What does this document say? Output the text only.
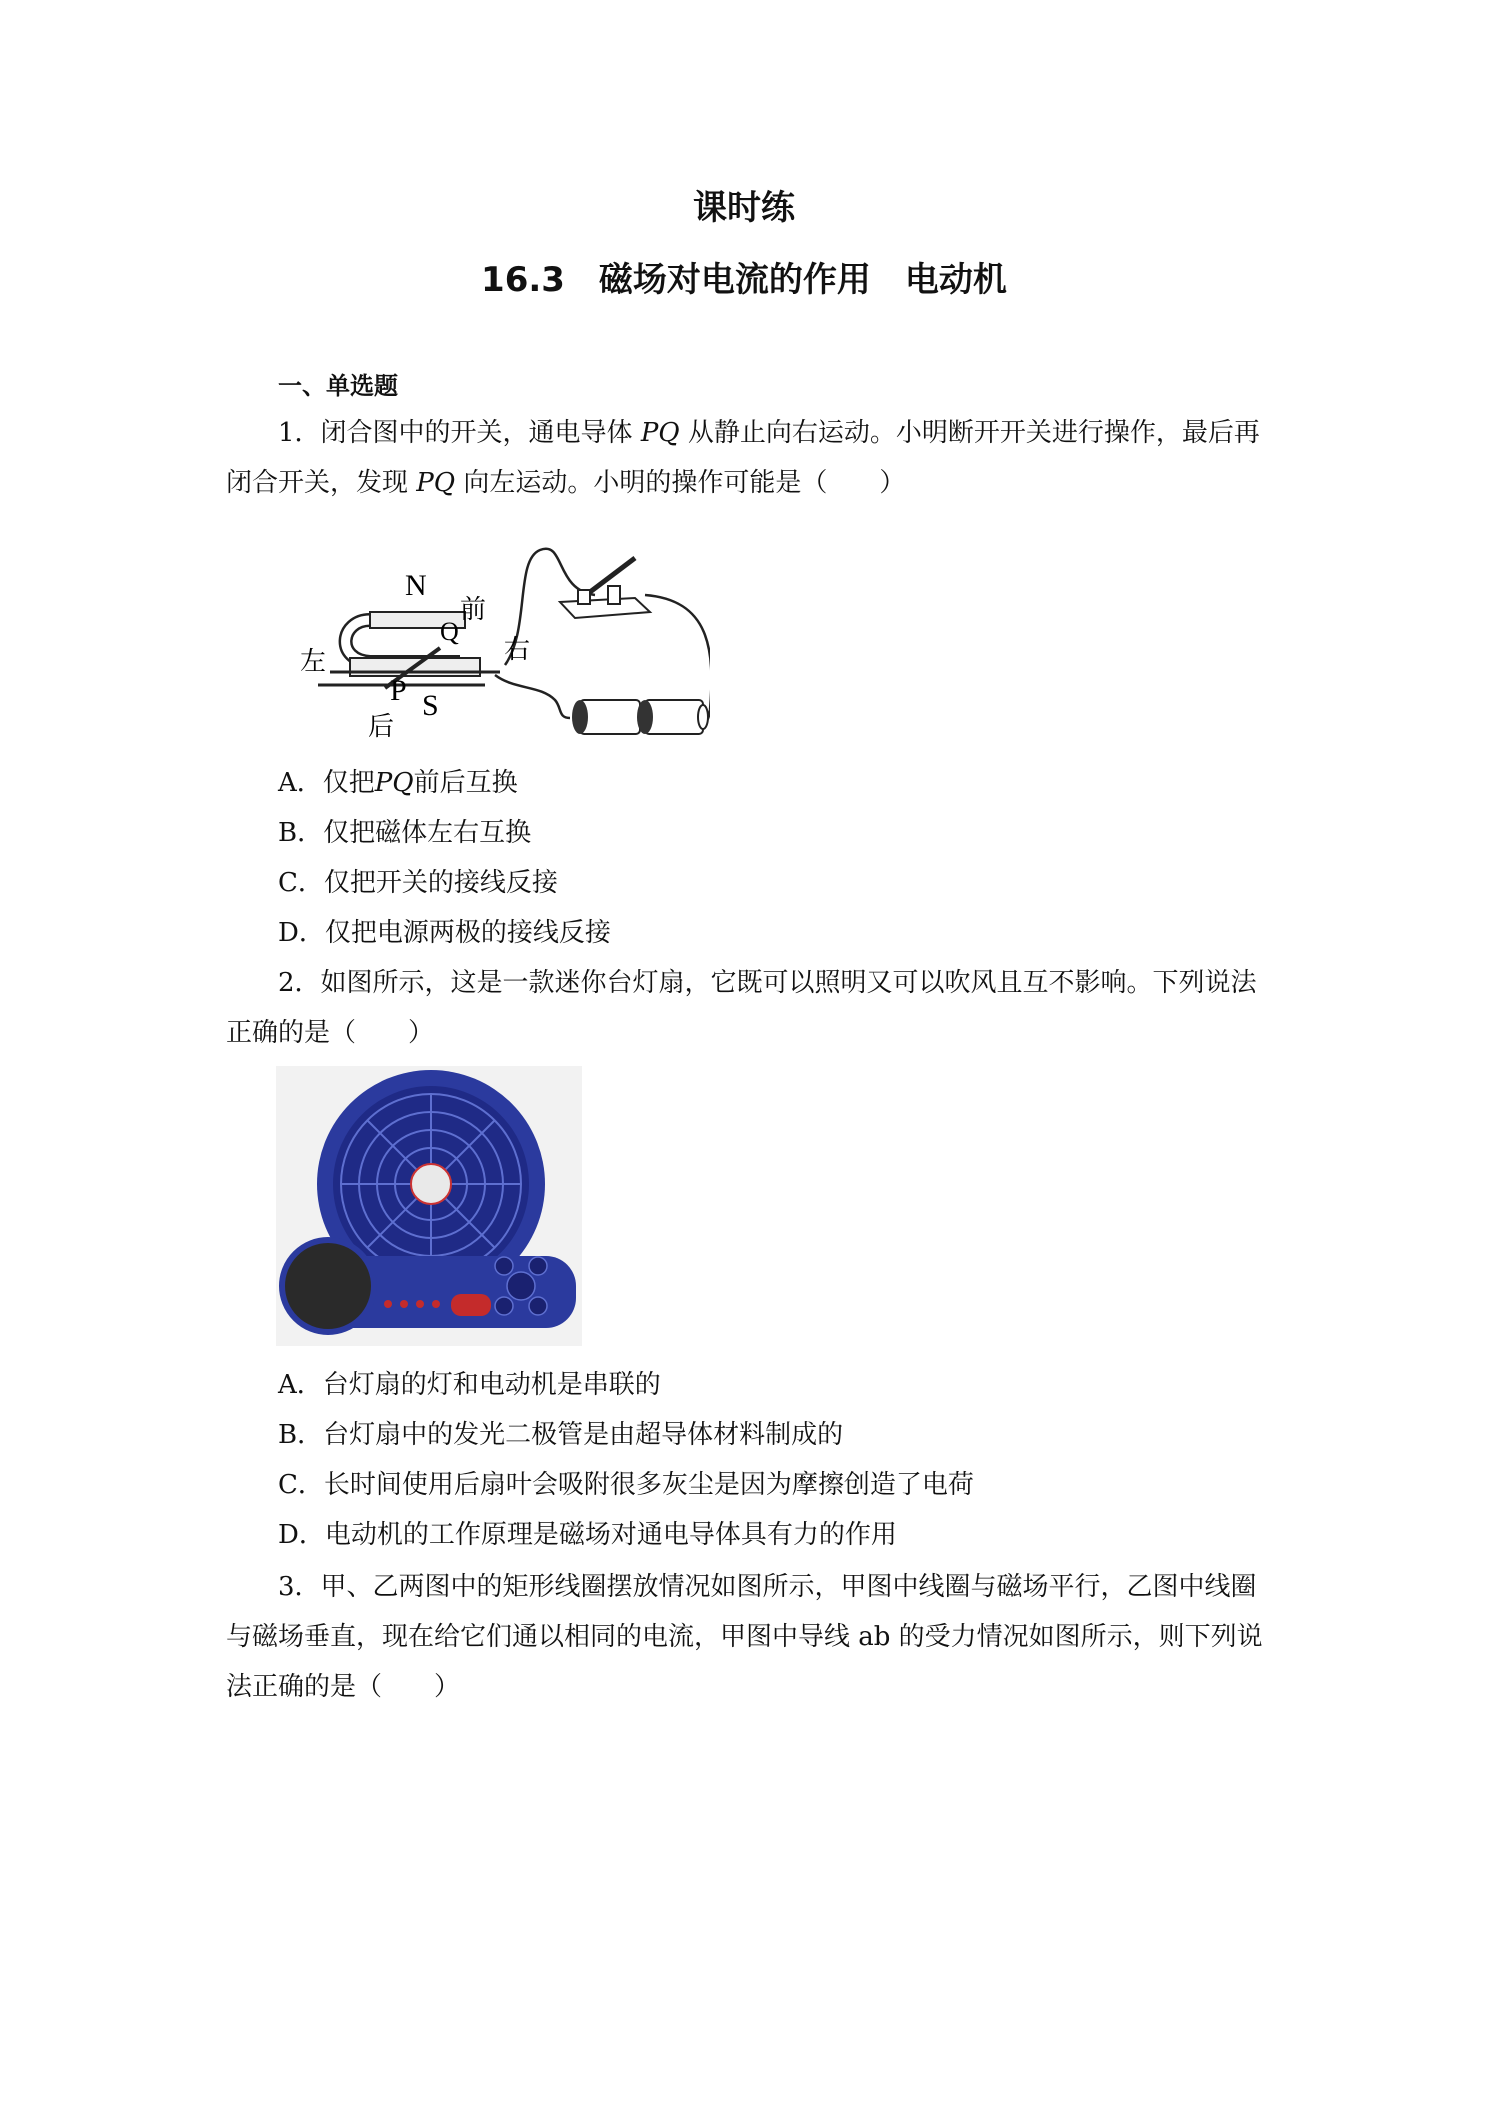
课时练
16.3　磁场对电流的作用　电动机
一、单选题
1．闭合图中的开关，通电导体 PQ 从静止向右运动。小明断开开关进行操作，最后再
闭合开关，发现 PQ 向左运动。小明的操作可能是（　　）
N
P
Q
S
前
后
左	右
A．仅把PQ前后互换
B．仅把磁体左右互换
C．仅把开关的接线反接
D．仅把电源两极的接线反接
2．如图所示，这是一款迷你台灯扇，它既可以照明又可以吹风且互不影响。下列说法
正确的是（　　）
A．台灯扇的灯和电动机是串联的
B．台灯扇中的发光二极管是由超导体材料制成的
C．长时间使用后扇叶会吸附很多灰尘是因为摩擦创造了电荷
D．电动机的工作原理是磁场对通电导体具有力的作用
3．甲、乙两图中的矩形线圈摆放情况如图所示，甲图中线圈与磁场平行，乙图中线圈
与磁场垂直，现在给它们通以相同的电流，甲图中导线 ab 的受力情况如图所示，则下列说
法正确的是（　　）
